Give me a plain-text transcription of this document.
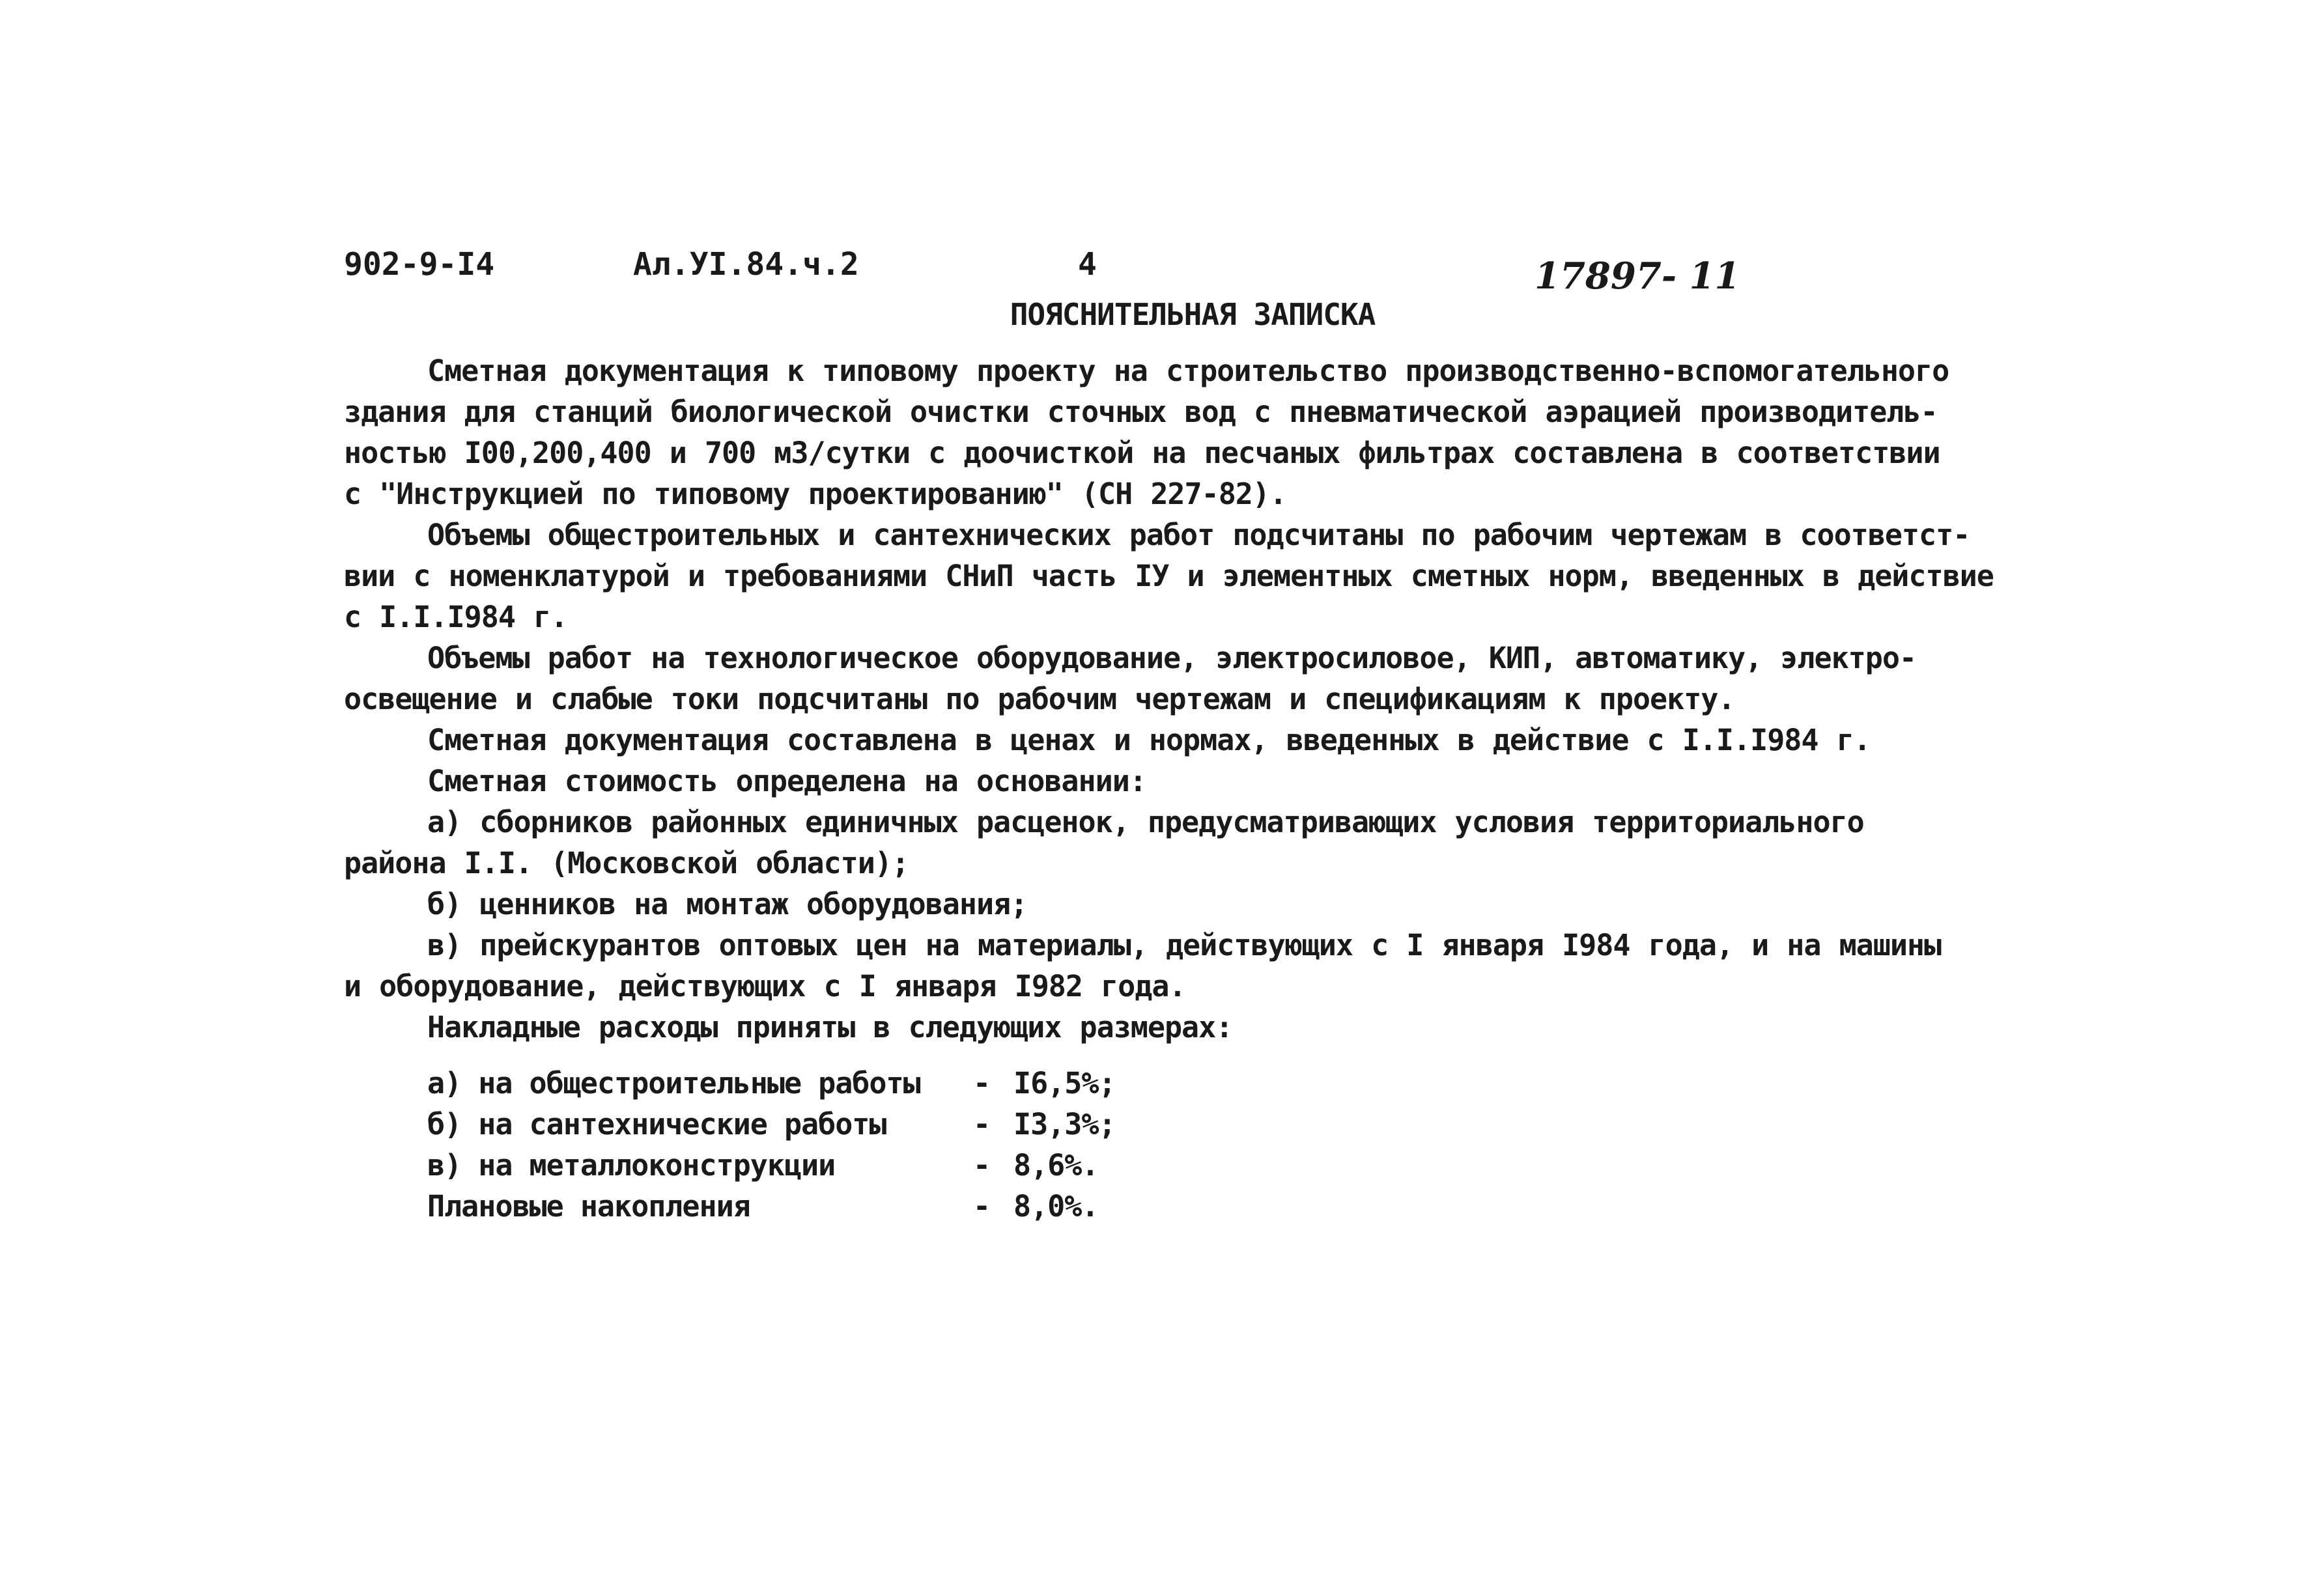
902-9-I4	Ал.УI.84.ч.2	4	17897- 11
ПОЯСНИТЕЛЬНАЯ ЗАПИСКА
Сметная документация к типовому проекту на строительство производственно-вспомогательного
здания для станций биологической очистки сточных вод с пневматической аэрацией производитель-
ностью I00,200,400 и 700 м3/сутки с доочисткой на песчаных фильтрах составлена в соответствии
с "Инструкцией по типовому проектированию" (СН 227-82).
Объемы общестроительных и сантехнических работ подсчитаны по рабочим чертежам в соответст-
вии с номенклатурой и требованиями СНиП часть IУ и элементных сметных норм, введенных в действие
с I.I.I984 г.
Объемы работ на технологическое оборудование, электросиловое, КИП, автоматику, электро-
освещение и слабые токи подсчитаны по рабочим чертежам и спецификациям к проекту.
Сметная документация составлена в ценах и нормах, введенных в действие с I.I.I984 г.
Сметная стоимость определена на основании:
а) сборников районных единичных расценок, предусматривающих условия территориального
района I.I. (Московской области);
б) ценников на монтаж оборудования;
в) прейскурантов оптовых цен на материалы, действующих с I января I984 года, и на машины
и оборудование, действующих с I января I982 года.
Накладные расходы приняты в следующих размерах:
а) на общестроительные работы - I6,5%;
б) на сантехнические работы	- I3,3%;
в) на металлоконструкции	- 8,6%.
Плановые накопления	- 8,0%.
